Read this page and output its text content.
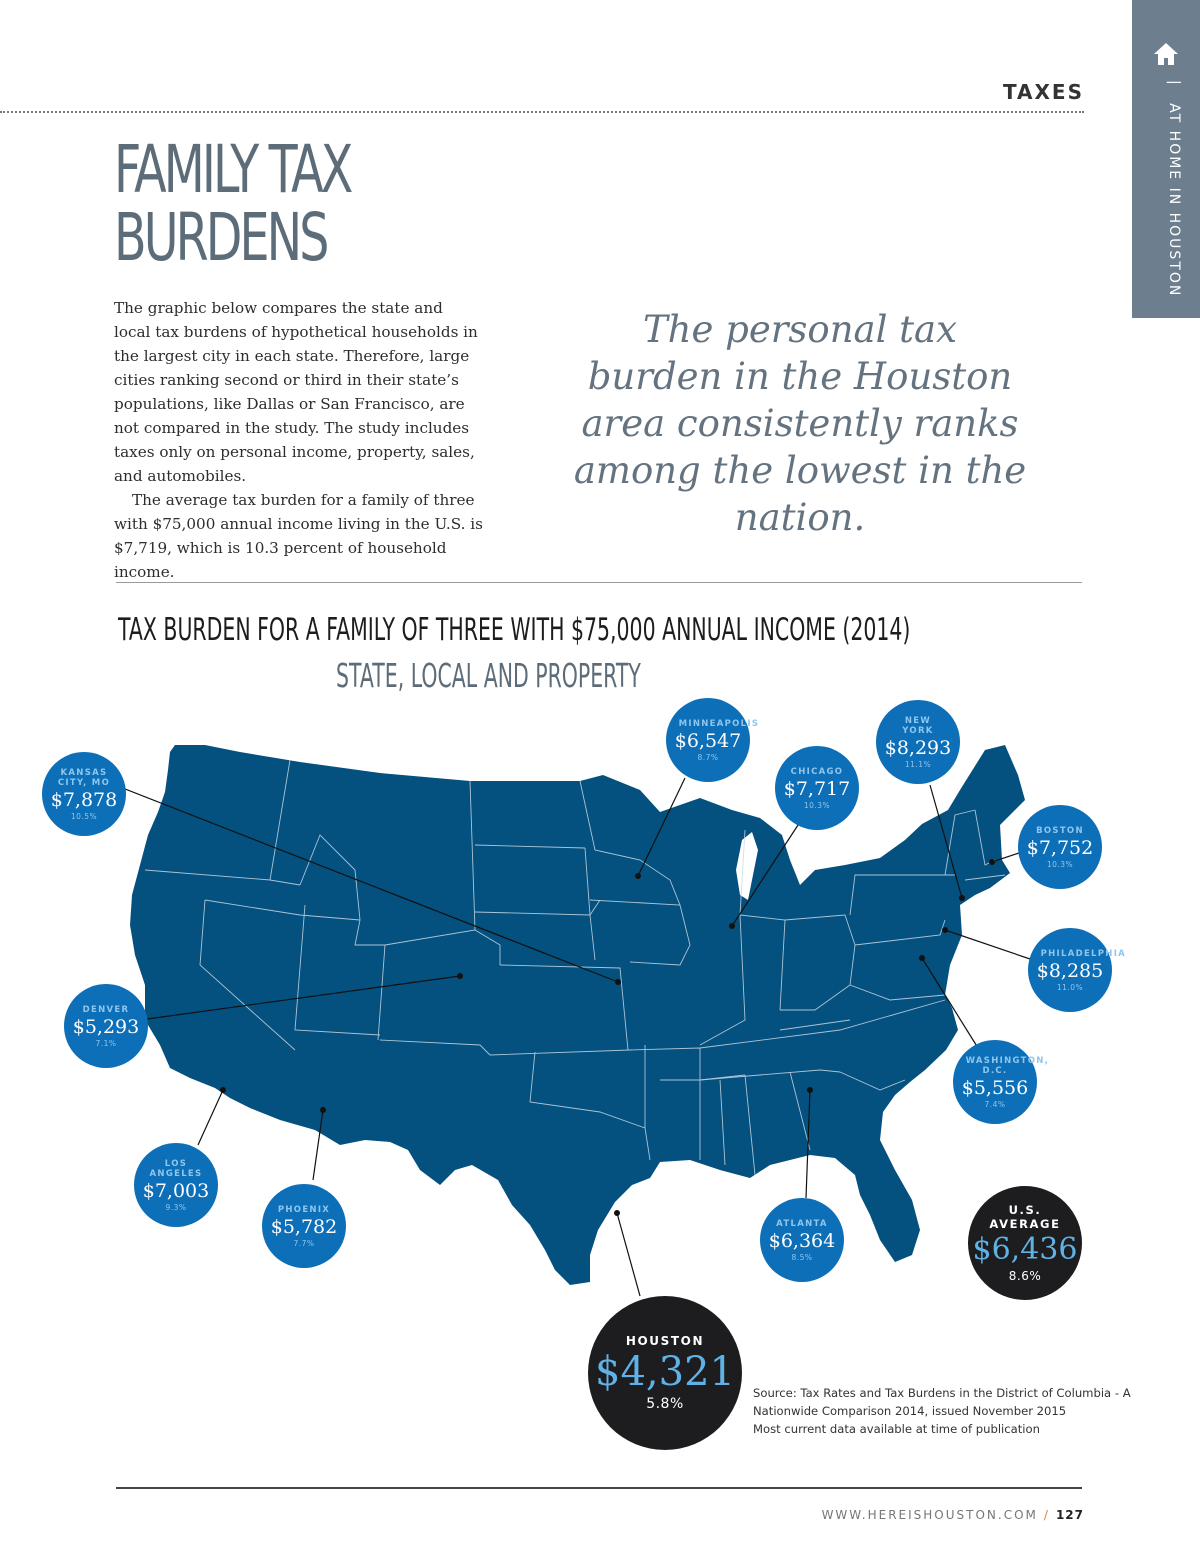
| AT HOME IN HOUSTON
TAXES
FAMILY TAX
BURDENS

The graphic below compares the state and local tax burdens of hypothetical households in the largest city in each state. Therefore, large cities ranking second or third in their state’s populations, like Dallas or San Francisco, are not compared in the study. The study includes taxes only on personal income, property, sales, and automobiles.

The average tax burden for a family of three with $75,000 annual income living in the U.S. is $7,719, which is 10.3 percent of household income.

The personal tax burden in the Houston area consistently ranks among the lowest in the nation.
TAX BURDEN FOR A FAMILY OF THREE WITH $75,000 ANNUAL INCOME (2014)
STATE, LOCAL AND PROPERTY
KANSAS CITY, MO
$7,878
10.5%
MINNEAPOLIS
$6,547
8.7%
CHICAGO
$7,717
10.3%
NEW YORK
$8,293
11.1%
BOSTON
$7,752
10.3%
PHILADELPHIA
$8,285
11.0%
DENVER
$5,293
7.1%
WASHINGTON, D.C.
$5,556
7.4%
LOS ANGELES
$7,003
9.3%	PHOENIX
$5,782
7.7%
ATLANTA
$6,364
8.5%
U.S. AVERAGE
$6,436
8.6%
HOUSTON
$4,321
5.8%
Source: Tax Rates and Tax Burdens in the District of Columbia - A
Nationwide Comparison 2014, issued November 2015
Most current data available at time of publication
WWW.HEREISHOUSTON.COM / 127
